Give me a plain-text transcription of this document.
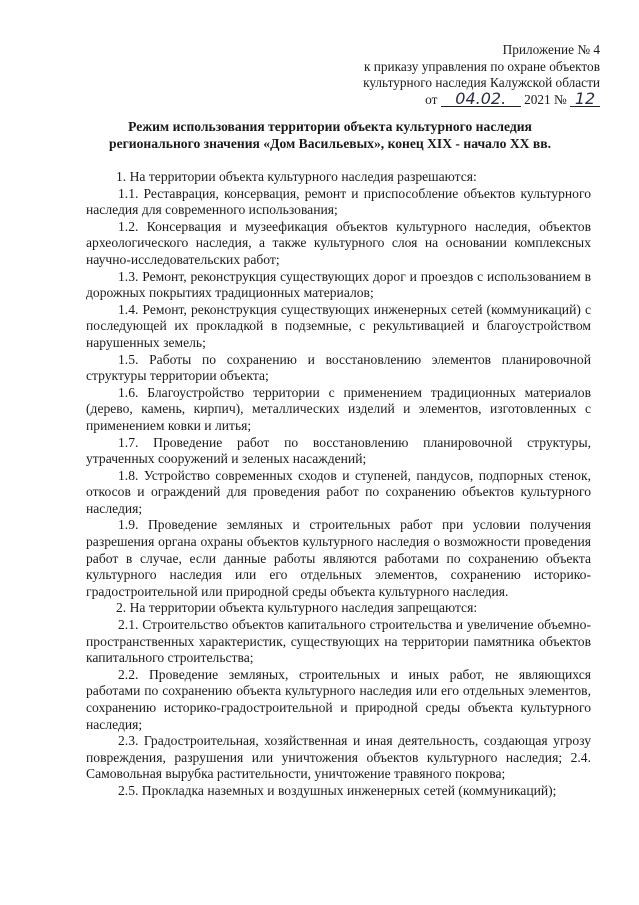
Приложение № 4
к приказу управления по охране объектов
культурного наследия Калужской области
от 04.02. 2021 № 12
Режим использования территории объекта культурного наследия
регионального значения «Дом Васильевых», конец XIX - начало XX вв.

1. На территории объекта культурного наследия разрешаются:

1.1. Реставрация, консервация, ремонт и приспособление объектов культурного наследия для современного использования;

1.2. Консервация и музеефикация объектов культурного наследия, объектов археологического наследия, а также культурного слоя на основании комплексных научно-исследовательских работ;

1.3. Ремонт, реконструкция существующих дорог и проездов с использованием в дорожных покрытиях традиционных материалов;

1.4. Ремонт, реконструкция существующих инженерных сетей (коммуникаций) с последующей их прокладкой в подземные, с рекультивацией и благоустройством нарушенных земель;

1.5. Работы по сохранению и восстановлению элементов планировочной структуры территории объекта;

1.6. Благоустройство территории с применением традиционных материалов (дерево, камень, кирпич), металлических изделий и элементов, изготовленных с применением ковки и литья;

1.7. Проведение работ по восстановлению планировочной структуры, утраченных сооружений и зеленых насаждений;

1.8. Устройство современных сходов и ступеней, пандусов, подпорных стенок, откосов и ограждений для проведения работ по сохранению объектов культурного наследия;

1.9. Проведение земляных и строительных работ при условии получения разрешения органа охраны объектов культурного наследия о возможности проведения работ в случае, если данные работы являются работами по сохранению объекта культурного наследия или его отдельных элементов, сохранению историко-градостроительной или природной среды объекта культурного наследия.

2. На территории объекта культурного наследия запрещаются:

2.1. Строительство объектов капитального строительства и увеличение объемно-пространственных характеристик, существующих на территории памятника объектов капитального строительства;

2.2. Проведение земляных, строительных и иных работ, не являющихся работами по сохранению объекта культурного наследия или его отдельных элементов, сохранению историко-градостроительной и природной среды объекта культурного наследия;

2.3. Градостроительная, хозяйственная и иная деятельность, создающая угрозу повреждения, разрушения или уничтожения объектов культурного наследия; 2.4. Самовольная вырубка растительности, уничтожение травяного покрова;

2.5. Прокладка наземных и воздушных инженерных сетей (коммуникаций);
